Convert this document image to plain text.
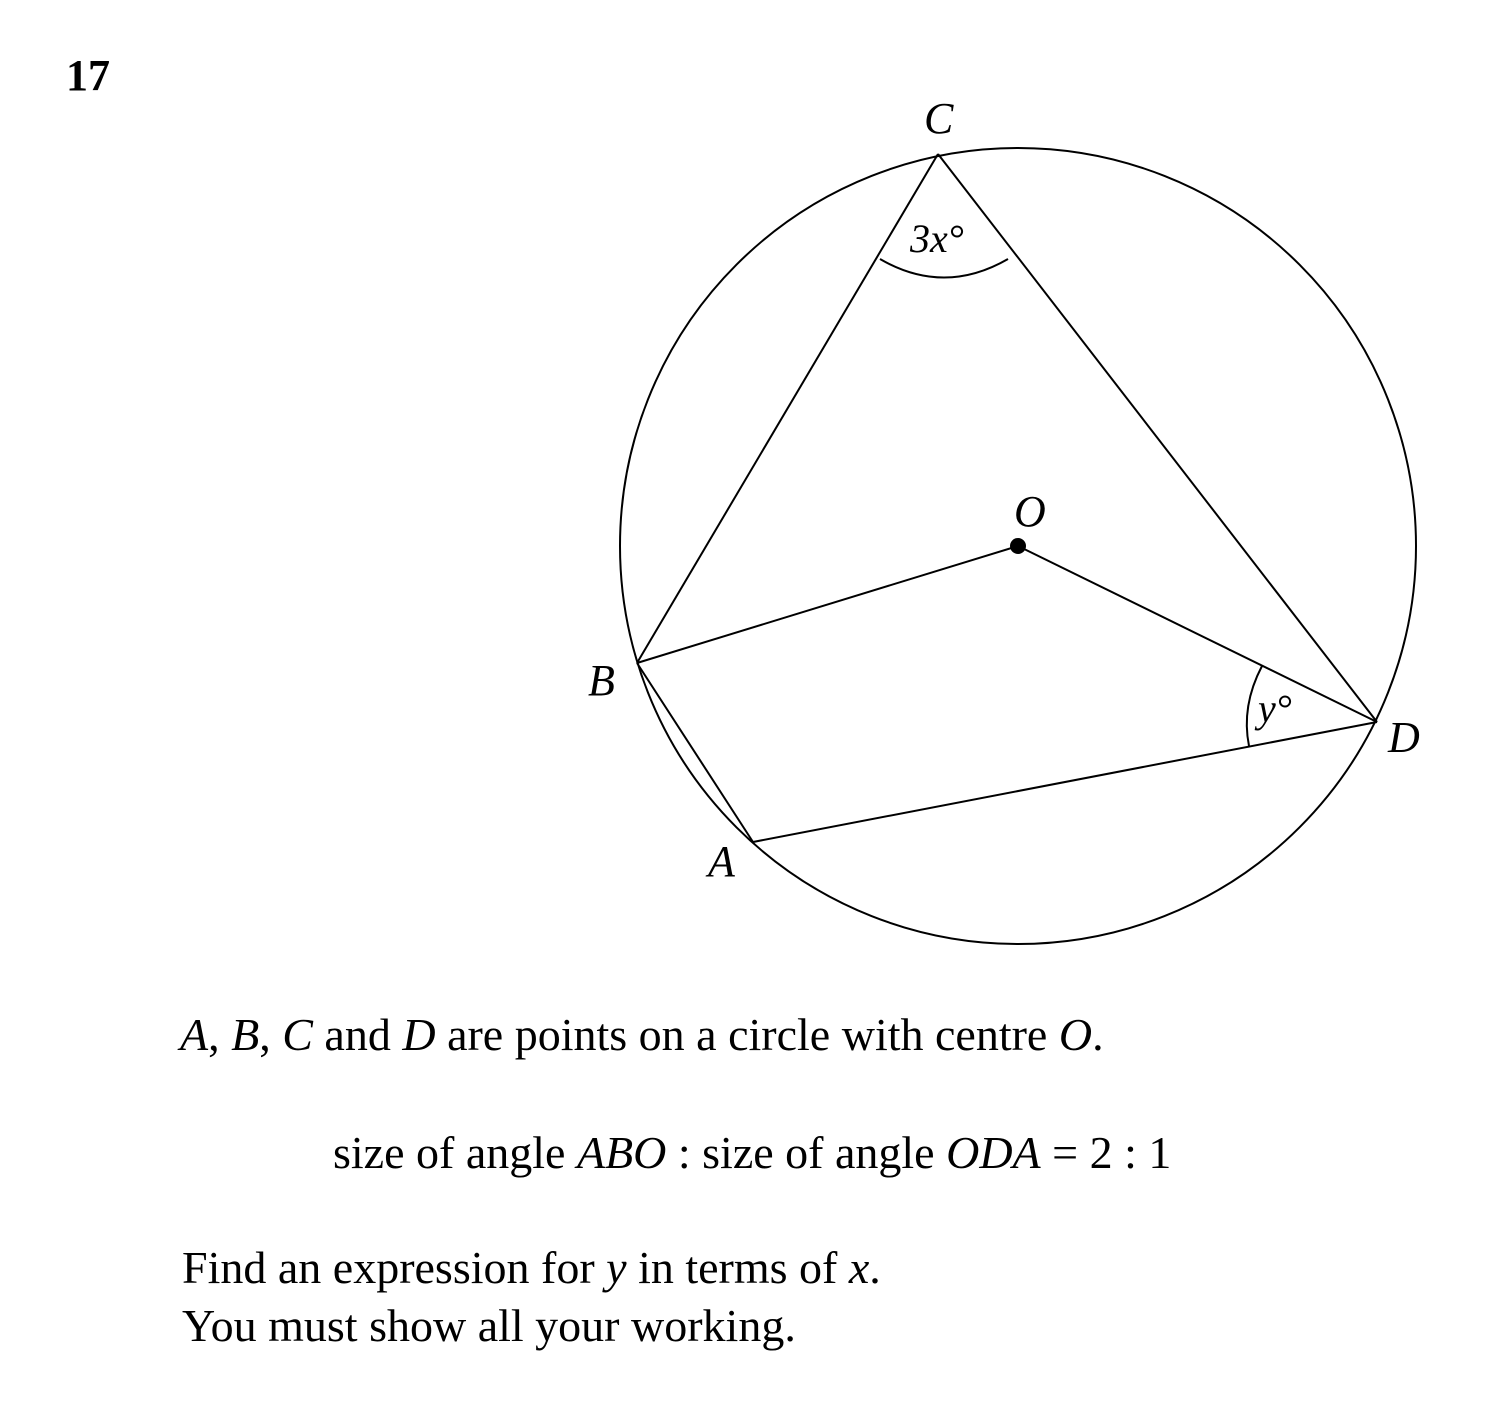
17
C
O
B
D
A
3x°
y°
A, B, C and D are points on a circle with centre O.
size of angle ABO : size of angle ODA = 2 : 1
Find an expression for y in terms of x.
You must show all your working.
